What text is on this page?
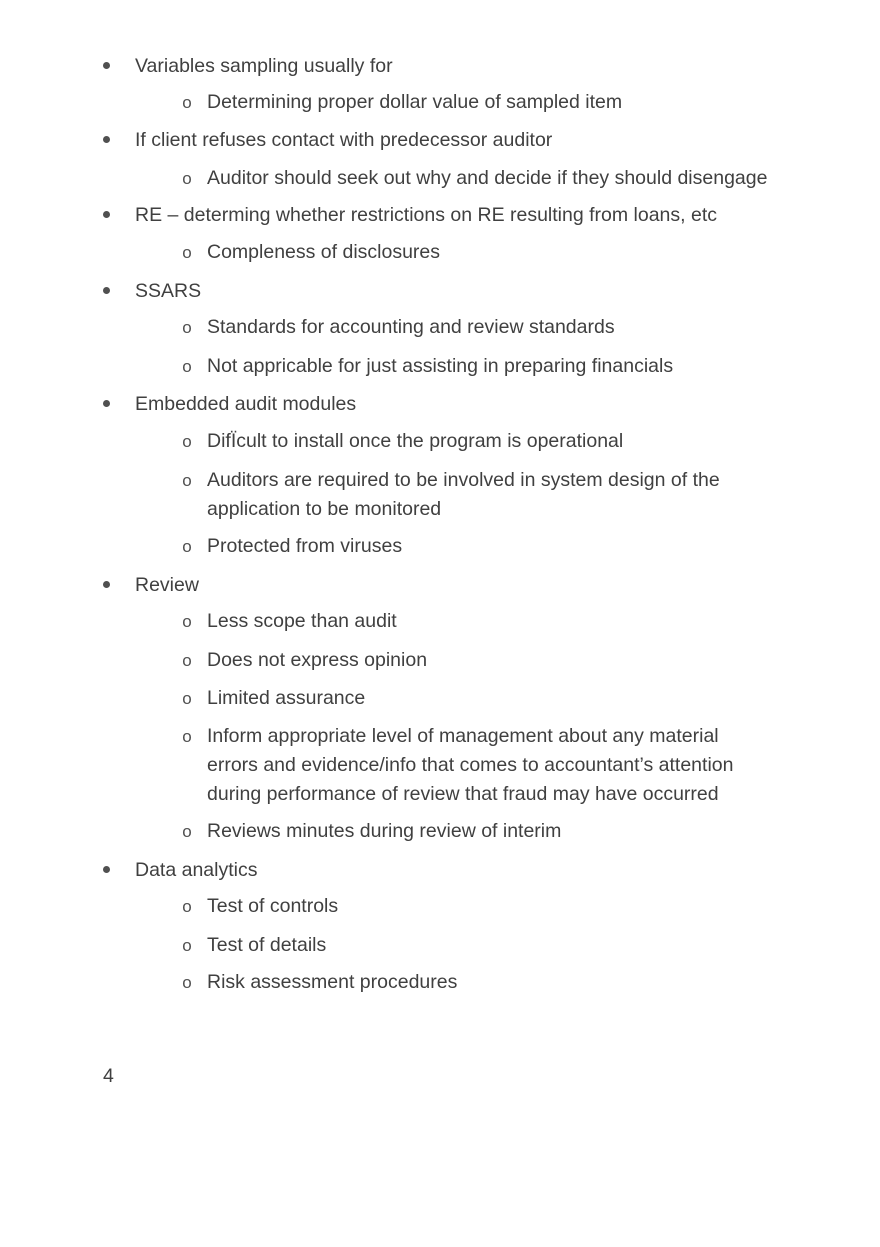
Variables sampling usually for
o Determining proper dollar value of sampled item
If client refuses contact with predecessor auditor
o Auditor should seek out why and decide if they should disengage
RE – determing whether restrictions on RE resulting from loans, etc
o Compleness of disclosures
SSARS
o Standards for accounting and review standards
o Not appricable for just assisting in preparing financials
Embedded audit modules
o DifÏcult to install once the program is operational
o Auditors are required to be involved in system design of the application to be monitored
o Protected from viruses
Review
o Less scope than audit
o Does not express opinion
o Limited assurance
o Inform appropriate level of management about any material errors and evidence/info that comes to accountant’s attention during performance of review that fraud may have occurred
o Reviews minutes during review of interim
Data analytics
o Test of controls
o Test of details
o Risk assessment procedures
4
